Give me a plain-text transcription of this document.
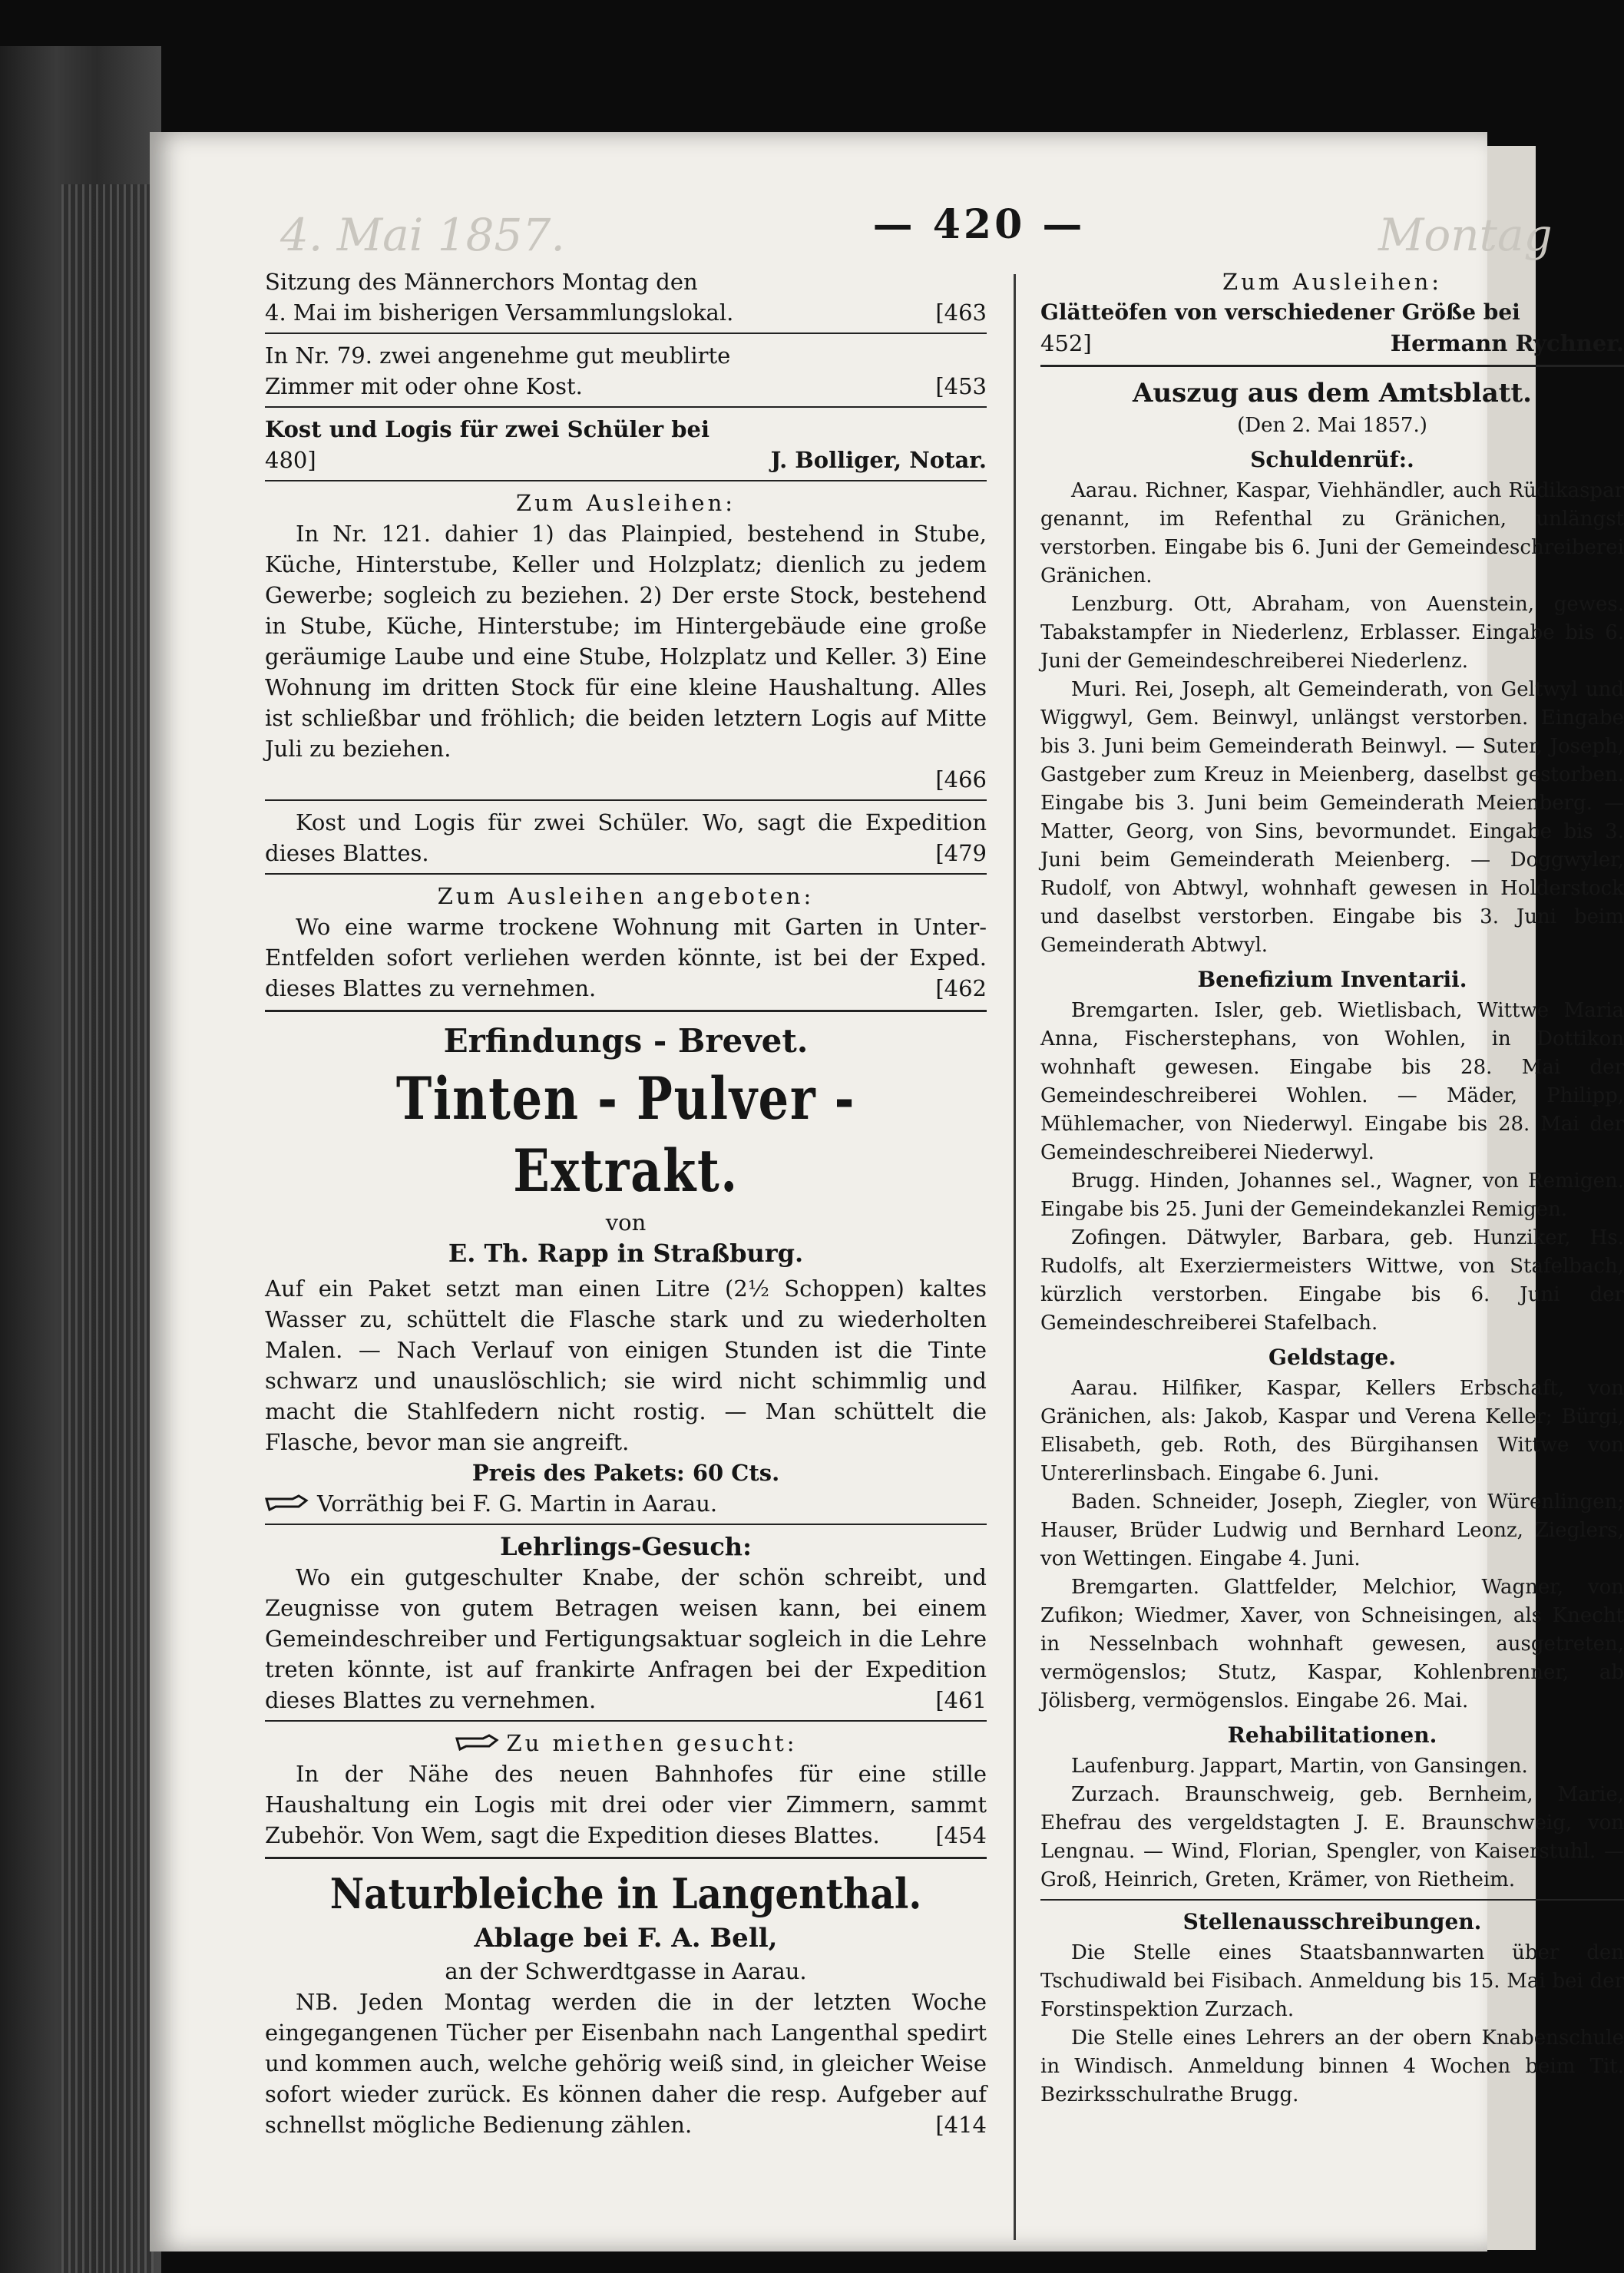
4. Mai 1857.	— 420 —	Montag

Sitzung des Männerchors Montag den

4. Mai im bisherigen Versammlungslokal.	[463

In Nr. 79. zwei angenehme gut meublirte

Zimmer mit oder ohne Kost.	[453

Kost und Logis für zwei Schüler bei

480]	J. Bolliger, Notar.

Zum Ausleihen:

In Nr. 121. dahier 1) das Plainpied, bestehend in Stube, Küche, Hinterstube, Keller und Holzplatz; dienlich zu jedem Gewerbe; sogleich zu beziehen. 2) Der erste Stock, bestehend in Stube, Küche, Hinterstube; im Hintergebäude eine große geräumige Laube und eine Stube, Holzplatz und Keller. 3) Eine Wohnung im dritten Stock für eine kleine Haushaltung. Alles ist schließbar und fröhlich; die beiden letztern Logis auf Mitte Juli zu beziehen.

[466

Kost und Logis für zwei Schüler. Wo, sagt die Expedition dieses Blattes.	[479

Zum Ausleihen angeboten:

Wo eine warme trockene Wohnung mit Garten in Unter-Entfelden sofort verliehen werden könnte, ist bei der Exped. dieses Blattes zu vernehmen.	[462

Erfindungs - Brevet.

Tinten - Pulver - Extrakt.

von

E. Th. Rapp in Straßburg.

Auf ein Paket setzt man einen Litre (2½ Schoppen) kaltes Wasser zu, schüttelt die Flasche stark und zu wiederholten Malen. — Nach Verlauf von einigen Stunden ist die Tinte schwarz und unauslöschlich; sie wird nicht schimmlig und macht die Stahlfedern nicht rostig. — Man schüttelt die Flasche, bevor man sie angreift.

Preis des Pakets: 60 Cts.

Vorräthig bei F. G. Martin in Aarau.

Lehrlings-Gesuch:

Wo ein gutgeschulter Knabe, der schön schreibt, und Zeugnisse von gutem Betragen weisen kann, bei einem Gemeindeschreiber und Fertigungsaktuar sogleich in die Lehre treten könnte, ist auf frankirte Anfragen bei der Expedition dieses Blattes zu vernehmen.	[461

Zu miethen gesucht:

In der Nähe des neuen Bahnhofes für eine stille Haushaltung ein Logis mit drei oder vier Zimmern, sammt Zubehör. Von Wem, sagt die Expedition dieses Blattes.	[454

Naturbleiche in Langenthal.

Ablage bei F. A. Bell,

an der Schwerdtgasse in Aarau.

NB. Jeden Montag werden die in der letzten Woche eingegangenen Tücher per Eisenbahn nach Langenthal spedirt und kommen auch, welche gehörig weiß sind, in gleicher Weise sofort wieder zurück. Es können daher die resp. Aufgeber auf schnellst mögliche Bedienung zählen.	[414

Zum Ausleihen:

Glätteöfen von verschiedener Größe bei

452]	Hermann Rychner.

Auszug aus dem Amtsblatt.

(Den 2. Mai 1857.)

Schuldenrüf:.

Aarau. Richner, Kaspar, Viehhändler, auch Rüdikaspar genannt, im Refenthal zu Gränichen, unlängst verstorben. Eingabe bis 6. Juni der Gemeindeschreiberei Gränichen.

Lenzburg. Ott, Abraham, von Auenstein, gewes. Tabakstampfer in Niederlenz, Erblasser. Eingabe bis 6. Juni der Gemeindeschreiberei Niederlenz.

Muri. Rei, Joseph, alt Gemeinderath, von Geltwyl und Wiggwyl, Gem. Beinwyl, unlängst verstorben. Eingabe bis 3. Juni beim Gemeinderath Beinwyl. — Suter, Joseph, Gastgeber zum Kreuz in Meienberg, daselbst gestorben. Eingabe bis 3. Juni beim Gemeinderath Meienberg. — Matter, Georg, von Sins, bevormundet. Eingabe bis 3. Juni beim Gemeinderath Meienberg. — Doggwyler, Rudolf, von Abtwyl, wohnhaft gewesen in Holderstock und daselbst verstorben. Eingabe bis 3. Juni beim Gemeinderath Abtwyl.

Benefizium Inventarii.

Bremgarten. Isler, geb. Wietlisbach, Wittwe Maria Anna, Fischerstephans, von Wohlen, in Dottikon wohnhaft gewesen. Eingabe bis 28. Mai der Gemeindeschreiberei Wohlen. — Mäder, Philipp, Mühlemacher, von Niederwyl. Eingabe bis 28. Mai der Gemeindeschreiberei Niederwyl.

Brugg. Hinden, Johannes sel., Wagner, von Remigen. Eingabe bis 25. Juni der Gemeindekanzlei Remigen.

Zofingen. Dätwyler, Barbara, geb. Hunziker, Hs. Rudolfs, alt Exerziermeisters Wittwe, von Stafelbach, kürzlich verstorben. Eingabe bis 6. Juni der Gemeindeschreiberei Stafelbach.

Geldstage.

Aarau. Hilfiker, Kaspar, Kellers Erbschaft, von Gränichen, als: Jakob, Kaspar und Verena Keller; Bürgi, Elisabeth, geb. Roth, des Bürgihansen Wittwe von Untererlinsbach. Eingabe 6. Juni.

Baden. Schneider, Joseph, Ziegler, von Würenlingen; Hauser, Brüder Ludwig und Bernhard Leonz, Zieglers, von Wettingen. Eingabe 4. Juni.

Bremgarten. Glattfelder, Melchior, Wagner, von Zufikon; Wiedmer, Xaver, von Schneisingen, als Knecht in Nesselnbach wohnhaft gewesen, ausgetreten, vermögenslos; Stutz, Kaspar, Kohlenbrenner, ab Jölisberg, vermögenslos. Eingabe 26. Mai.

Rehabilitationen.

Laufenburg. Jappart, Martin, von Gansingen.

Zurzach. Braunschweig, geb. Bernheim, Marie, Ehefrau des vergeldstagten J. E. Braunschweig, von Lengnau. — Wind, Florian, Spengler, von Kaiserstuhl. — Groß, Heinrich, Greten, Krämer, von Rietheim.

Stellenausschreibungen.

Die Stelle eines Staatsbannwarten über den Tschudiwald bei Fisibach. Anmeldung bis 15. Mai bei der Forstinspektion Zurzach.

Die Stelle eines Lehrers an der obern Knabenschule in Windisch. Anmeldung binnen 4 Wochen beim Tit. Bezirksschulrathe Brugg.
